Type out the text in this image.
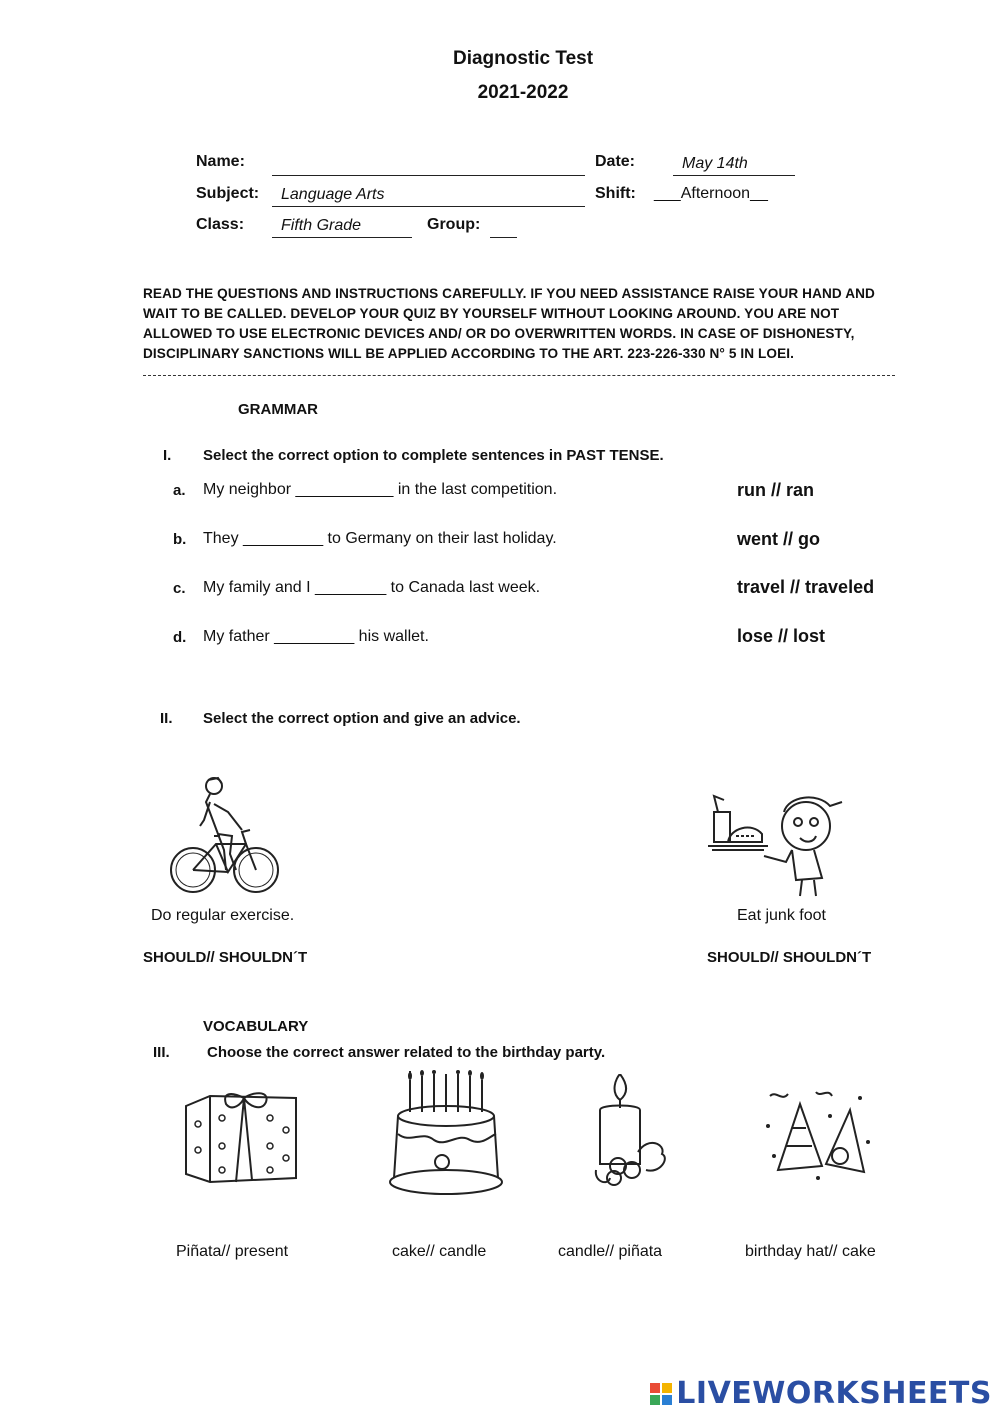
Diagnostic Test
2021-2022
Name:	Date:	May 14th
Subject:	Language Arts	Shift: ___Afternoon__
Class:	Fifth Grade	Group:
READ THE QUESTIONS AND INSTRUCTIONS CAREFULLY. IF YOU NEED ASSISTANCE RAISE YOUR HAND AND WAIT TO BE CALLED. DEVELOP YOUR QUIZ BY YOURSELF WITHOUT LOOKING AROUND. YOU ARE NOT ALLOWED TO USE ELECTRONIC DEVICES AND/ OR DO OVERWRITTEN WORDS. IN CASE OF DISHONESTY, DISCIPLINARY SANCTIONS WILL BE APPLIED ACCORDING TO THE ART. 223-226-330 N° 5 IN LOEI.
GRAMMAR
I. Select the correct option to complete sentences in PAST TENSE.
a. My neighbor ___________ in the last competition.	run // ran
b. They _________ to Germany on their last holiday.	went // go
c. My family and I ________ to Canada last week.	travel // traveled
d. My father _________ his wallet.	lose // lost
II. Select the correct option and give an advice.
Do regular exercise.	Eat junk foot
SHOULD// SHOULDN´T	SHOULD// SHOULDN´T
VOCABULARY
III. Choose the correct answer related to the birthday party.
Piñata// present	cake// candle	candle// piñata	birthday hat// cake
LIVEWORKSHEETS
